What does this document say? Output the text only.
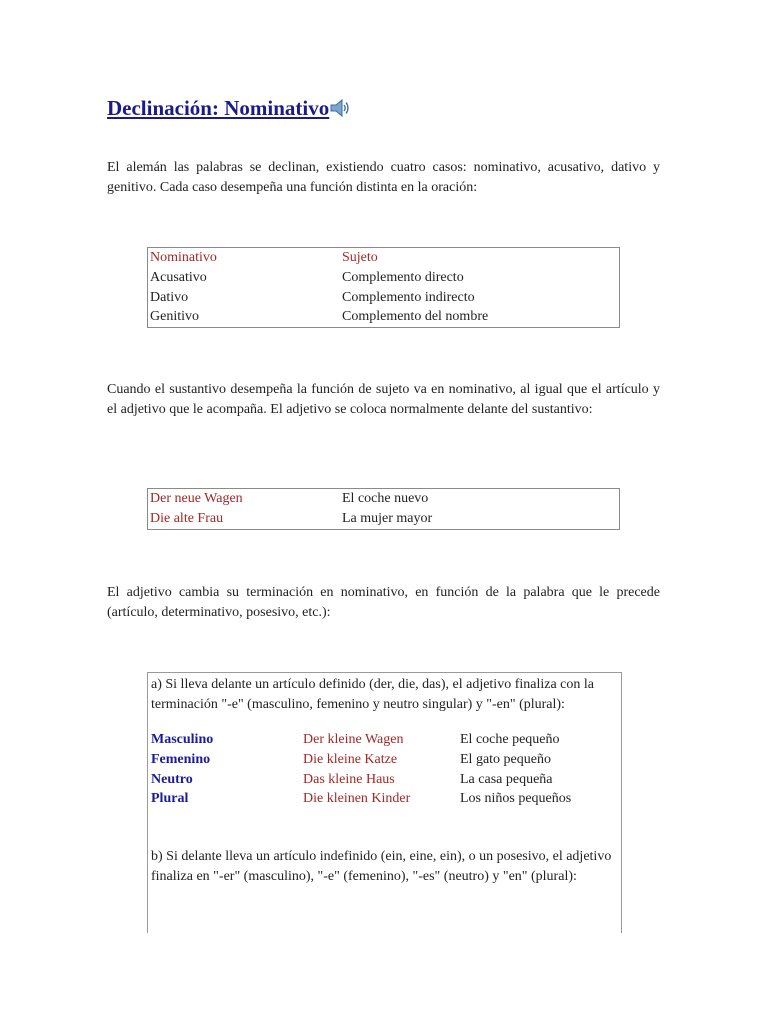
Declinación: Nominativo

El alemán las palabras se declinan, existiendo cuatro casos: nominativo, acusativo, dativo y genitivo. Cada caso desempeña una función distinta en la oración:

Nominativo	Sujeto
Acusativo	Complemento directo
Dativo	Complemento indirecto
Genitivo	Complemento del nombre

Cuando el sustantivo desempeña la función de sujeto va en nominativo, al igual que el artículo y el adjetivo que le acompaña. El adjetivo se coloca normalmente delante del sustantivo:

Der neue Wagen	El coche nuevo
Die alte Frau	La mujer mayor

El adjetivo cambia su terminación en nominativo, en función de la palabra que le precede (artículo, determinativo, posesivo, etc.):

a) Si lleva delante un artículo definido (der, die, das), el adjetivo finaliza con la terminación "-e" (masculino, femenino y neutro singular) y "-en" (plural):

Masculino	Der kleine Wagen	El coche pequeño
Femenino	Die kleine Katze	El gato pequeño
Neutro	Das kleine Haus	La casa pequeña
Plural	Die kleinen Kinder	Los niños pequeños

b) Si delante lleva un artículo indefinido (ein, eine, ein), o un posesivo, el adjetivo finaliza en "-er" (masculino), "-e" (femenino), "-es" (neutro) y "en" (plural):
